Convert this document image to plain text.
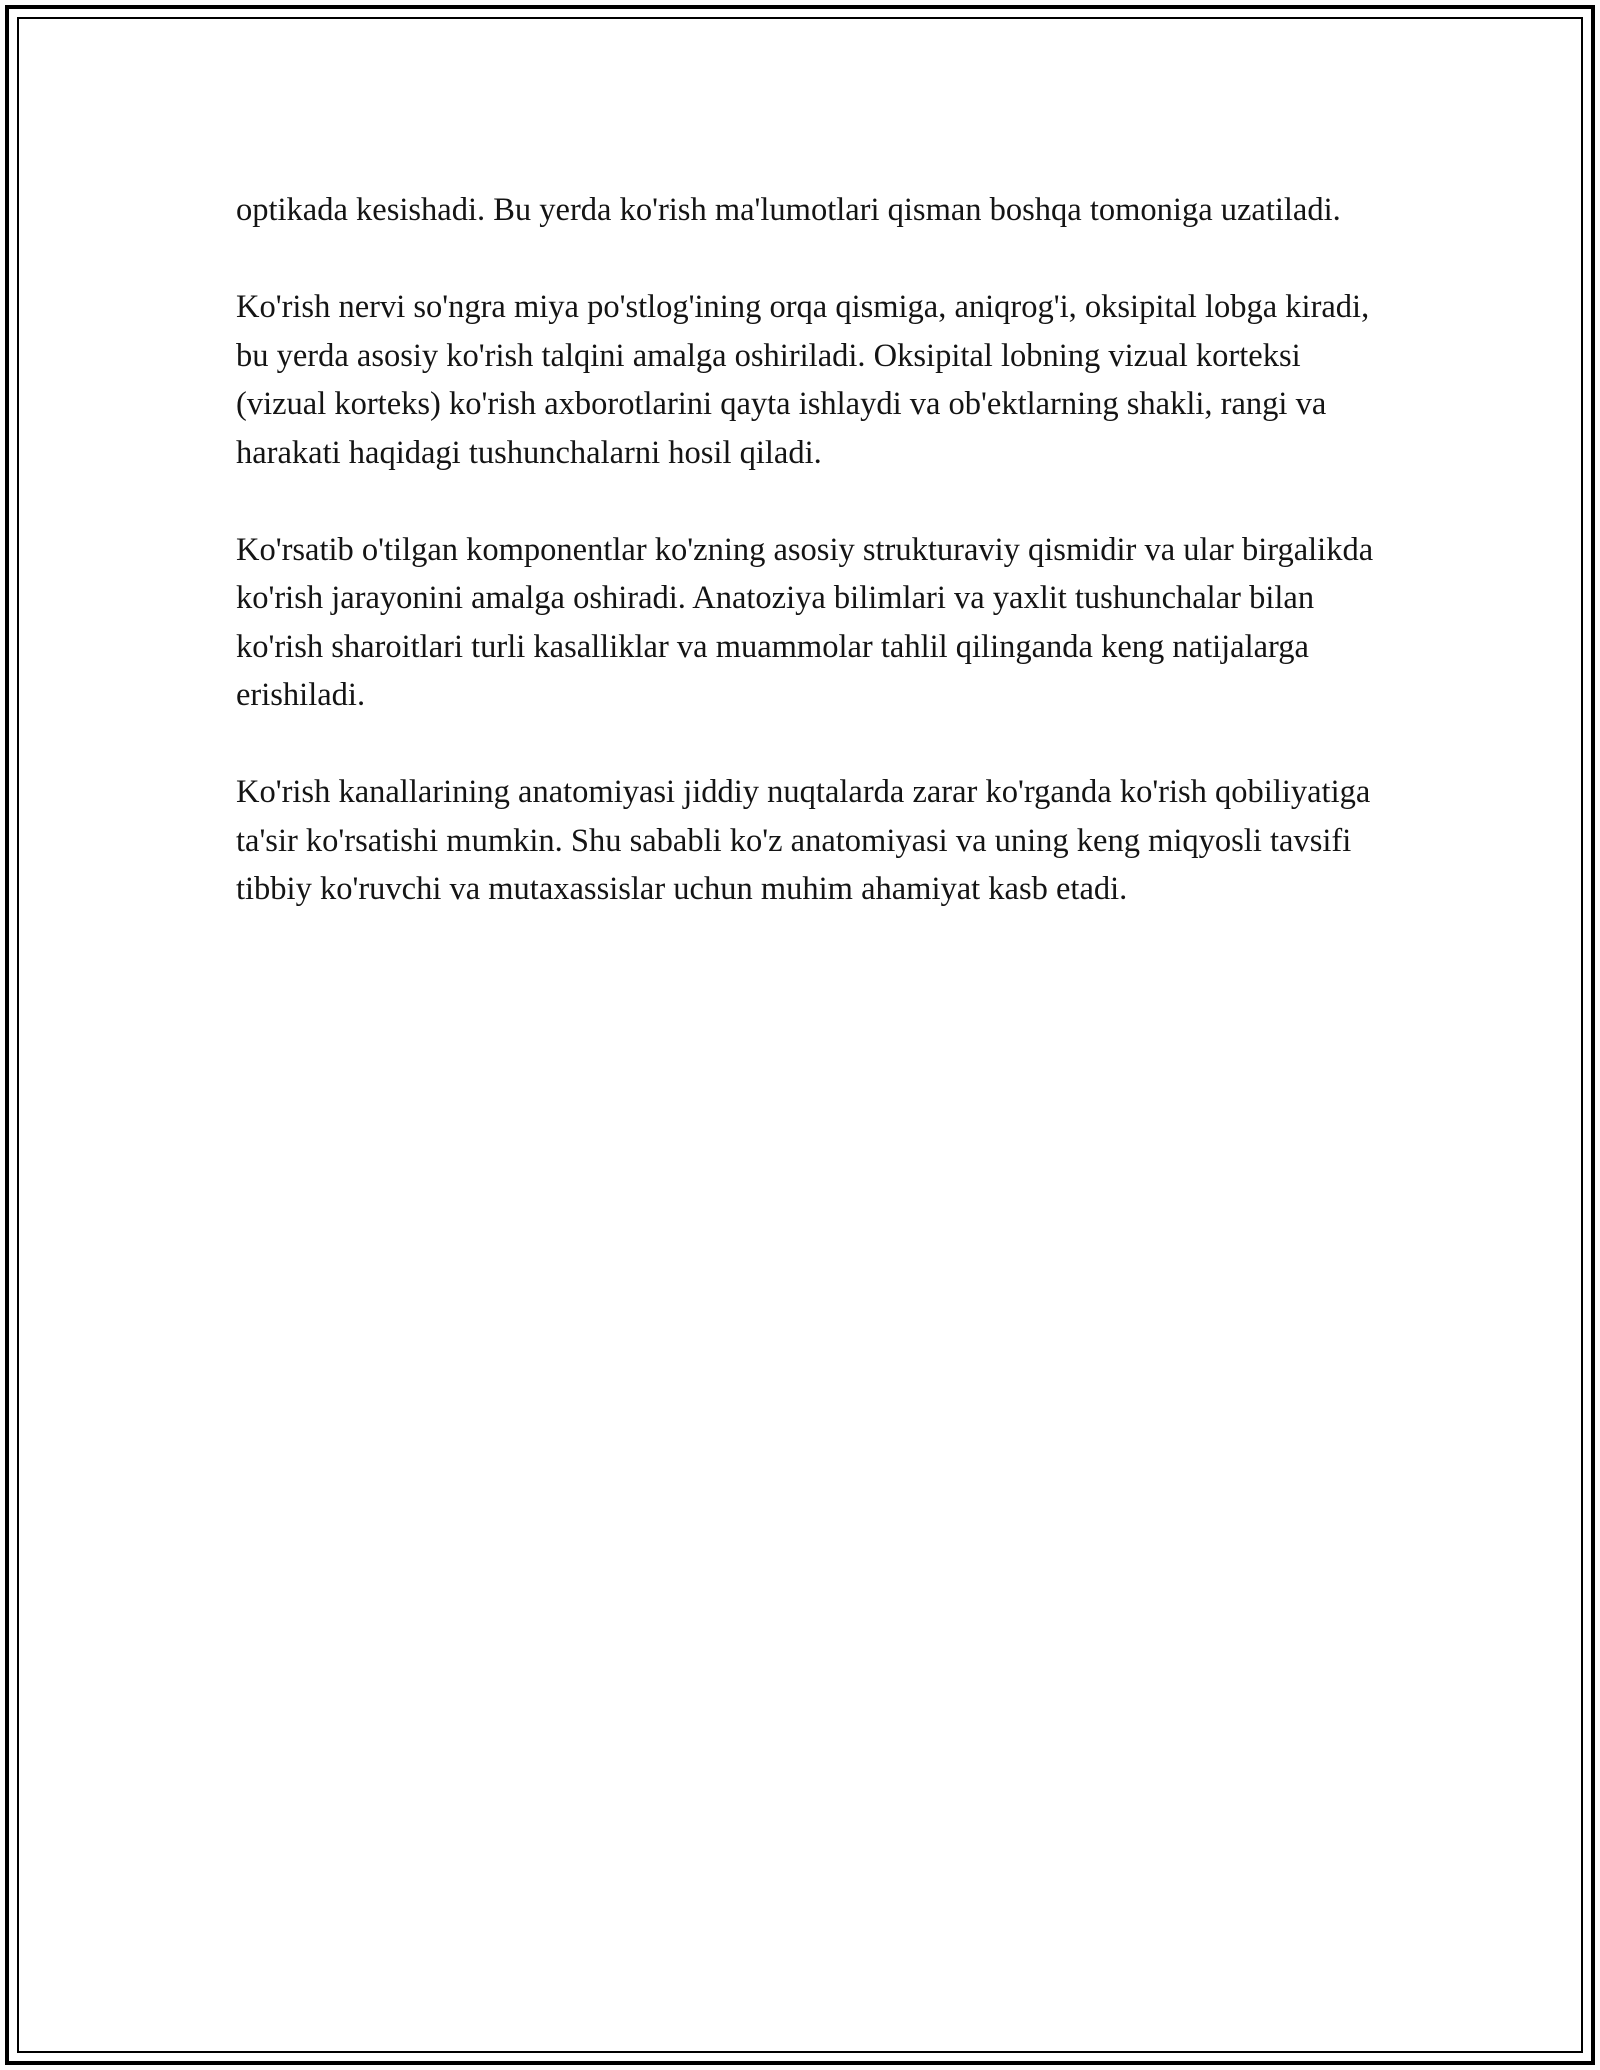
optikada kesishadi. Bu yerda ko'rish ma'lumotlari qisman boshqa tomoniga uzatiladi.

Ko'rish nervi so'ngra miya po'stlog'ining orqa qismiga, aniqrog'i, oksipital lobga kiradi, bu yerda asosiy ko'rish talqini amalga oshiriladi. Oksipital lobning vizual korteksi (vizual korteks) ko'rish axborotlarini qayta ishlaydi va ob'ektlarning shakli, rangi va harakati haqidagi tushunchalarni hosil qiladi.

Ko'rsatib o'tilgan komponentlar ko'zning asosiy strukturaviy qismidir va ular birgalikda ko'rish jarayonini amalga oshiradi. Anatoziya bilimlari va yaxlit tushunchalar bilan ko'rish sharoitlari turli kasalliklar va muammolar tahlil qilinganda keng natijalarga erishiladi.

Ko'rish kanallarining anatomiyasi jiddiy nuqtalarda zarar ko'rganda ko'rish qobiliyatiga ta'sir ko'rsatishi mumkin. Shu sababli ko'z anatomiyasi va uning keng miqyosli tavsifi tibbiy ko'ruvchi va mutaxassislar uchun muhim ahamiyat kasb etadi.
